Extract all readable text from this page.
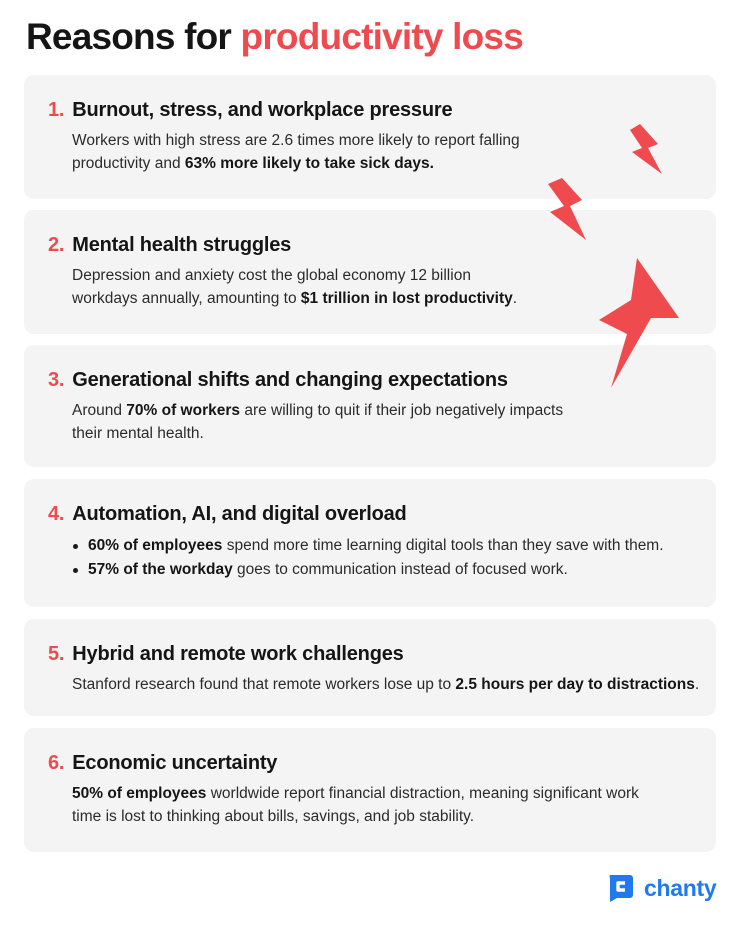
Reasons for productivity loss
1. Burnout, stress, and workplace pressure
Workers with high stress are 2.6 times more likely to report falling productivity and 63% more likely to take sick days.
2. Mental health struggles
Depression and anxiety cost the global economy 12 billion workdays annually, amounting to $1 trillion in lost productivity.
3. Generational shifts and changing expectations
Around 70% of workers are willing to quit if their job negatively impacts their mental health.
4. Automation, AI, and digital overload
60% of employees spend more time learning digital tools than they save with them.
57% of the workday goes to communication instead of focused work.
5. Hybrid and remote work challenges
Stanford research found that remote workers lose up to 2.5 hours per day to distractions.
6. Economic uncertainty
50% of employees worldwide report financial distraction, meaning significant work time is lost to thinking about bills, savings, and job stability.
chanty
